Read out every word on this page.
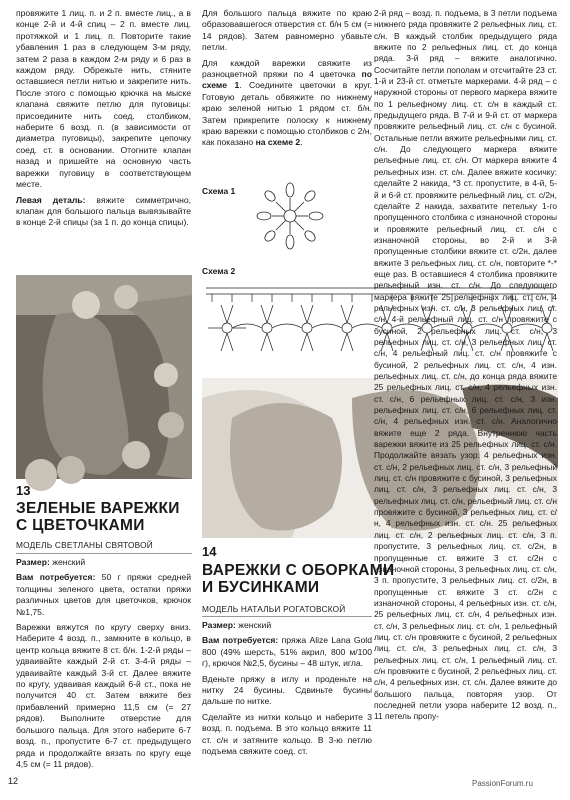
провяжите 1 лиц. п. и 2 п. вместе лиц., а в конце 2-й и 4-й спиц – 2 п. вместе лиц. протяжкой и 1 лиц. п. Повторите такие убавления 1 раз в следующем 3-м ряду, затем 2 раза в каждом 2-м ряду и 6 раз в каждом ряду. Обрежьте нить, стяните оставшиеся петли нитью и закрепите нить. После этого с помощью крючка на мыске клапана свяжите петлю для пуговицы: присоедините нить соед. столбиком, наберите 6 возд. п. (в зависимости от диаметра пуговицы), закрепите цепочку соед. ст. в основании. Отогните клапан назад и пришейте на основную часть варежки пуговицу в соответствующем месте.

Левая деталь: вяжите симметрично, клапан для большого пальца вывязывайте в конце 2-й спицы (за 1 п. до конца спицы).

13
ЗЕЛЕНЫЕ ВАРЕЖКИ
С ЦВЕТОЧКАМИ
МОДЕЛЬ СВЕТЛАНЫ СВЯТОВОЙ

Размер: женский

Вам потребуется: 50 г пряжи средней толщины зеленого цвета, остатки пряжи различных цветов для цветочков, крючок №1,75.

Варежки вяжутся по кругу сверху вниз. Наберите 4 возд. п., замкните в кольцо, в центр кольца вяжите 8 ст. б/н. 1-2-й ряды – удваивайте каждый 2-й ст. 3-4-й ряды – удваивайте каждый 3-й ст. Далее вяжите по кругу, удваивая каждый 6-й ст., пока не получится 40 ст. Затем вяжите без прибавлений примерно 11,5 см (= 27 рядов). Выполните отверстие для большого пальца. Для этого наберите 6-7 возд. п., пропустите 6-7 ст. предыдущего ряда и продолжайте вязать по кругу еще 4,5 см (= 11 рядов).

Для большого пальца вяжите по краю образовавшегося отверстия ст. б/н 5 см (= 14 рядов). Затем равномерно убавьте петли.

Для каждой варежки свяжите из разноцветной пряжи по 4 цветочка по схеме 1. Соедините цветочки в круг. Готовую деталь обвяжите по нижнему краю зеленой нитью 1 рядом ст. б/н. Затем прикрепите полоску к нижнему краю варежки с помощью столбиков с 2/н, как показано на схеме 2.

Схема 1
Схема 2
14
ВАРЕЖКИ С ОБОРКАМИ
И БУСИНКАМИ
МОДЕЛЬ НАТАЛЬИ РОГАТОВСКОЙ

Размер: женский

Вам потребуется: пряжа Alize Lana Gold 800 (49% шерсть, 51% акрил, 800 м/100 г), крючок №2,5, бусины – 48 штук, игла.

Вденьте пряжу в иглу и проденьте на нитку 24 бусины. Сдвиньте бусины дальше по нитке.

Сделайте из нитки кольцо и наберите 3 возд. п. подъема. В это кольцо вяжите 11 ст. с/н и затяните кольцо. В 3-ю петлю подъема свяжите соед. ст.

2-й ряд – возд. п. подъема, в 3 петли подъема нижнего ряда провяжите 2 рельефных лиц. ст. с/н. В каждый столбик предыдущего ряда вяжите по 2 рельефных лиц. ст. до конца ряда. 3-й ряд – вяжите аналогично. Сосчитайте петли пополам и отсчитайте 23 ст. 1-й и 23-й ст. отметьте маркерами. 4-й ряд – с наружной стороны от первого маркера вяжите по 1 рельефному лиц. ст. с/н в каждый ст. предыдущего ряда. В 7-й и 9-й ст. от маркера провяжите рельефный лиц. ст. с/н с бусиной. Остальные петли вяжите рельефными лиц. ст. с/н. До следующего маркера вяжите рельефные лиц. ст. с/н. От маркера вяжите 4 рельефных изн. ст. с/н. Далее вяжите косичку: сделайте 2 накида, *3 ст. пропустите, в 4-й, 5-й и 6-й ст. провяжите рельефный лиц. ст. с/2н, сделайте 2 накида, захватите петельку 1-го пропущенного столбика с изнаночной стороны и провяжите рельефный лиц. ст. с/н с изнаночной стороны, во 2-й и 3-й пропущенные столбики вяжите ст. с/2н, далее вяжите 3 рельефных лиц. ст. с/н, повторите *-* еще раз. В оставшиеся 4 столбика провяжите рельефный изн. ст. с/н. До следующего маркера вяжите 25 рельефных лиц. ст. с/н, 4 рельефных изн. ст. с/н, 3 рельефных лиц. ст. с/н, 4-й рельефный лиц. ст. с/н провяжите с бусиной, 2 рельефных лиц. ст. с/н, 3 рельефных лиц. ст. с/н, 3 рельефных лиц. ст. с/н, 4 рельефный лиц. ст. с/н провяжите с бусиной, 2 рельефных лиц. ст. с/н, 4 изн. рельефных лиц. ст. с/н, до конца ряда вяжите 25 рельефных лиц. ст. с/н, 4 рельефных изн. ст. с/н, 6 рельефных лиц. ст. с/н, 3 изн. рельефных лиц. ст. с/н, 6 рельефных лиц. ст. с/н, 4 рельефных изн. ст. с/н. Аналогично вяжите еще 2 ряда. Внутреннюю часть варежки вяжите из 25 рельефных лиц. ст. с/н. Продолжайте вязать узор: 4 рельефных изн. ст. с/н, 2 рельефных лиц. ст. с/н, 3 рельефный лиц. ст. с/н провяжите с бусиной, 3 рельефных лиц. ст. с/н, 3 рельефных лиц. ст. с/н, 3 рельефных лиц. ст. с/н, рельефный лиц. ст. с/н провяжите с бусиной, 3 рельефных лиц. ст. с/н, 4 рельефных изн. ст. с/н. 25 рельефных лиц. ст. с/н, 2 рельефных лиц. ст. с/н, 3 п. пропустите, 3 рельефных лиц. ст. с/2н, в пропущенные ст. вяжите 3 ст. с/2н с изнаночной стороны, 3 рельефных лиц. ст. с/н, 3 п. пропустите, 3 рельефных лиц. ст. с/2н, в пропущенные ст. вяжите 3 ст. с/2н с изнаночной стороны, 4 рельефных изн. ст. с/н, 25 рельефных лиц. ст. с/н, 4 рельефных изн. ст. с/н, 3 рельефных лиц. ст. с/н, 1 рельефный лиц. ст. с/н провяжите с бусиной, 2 рельефных лиц. ст. с/н, 3 рельефных лиц. ст. с/н, 3 рельефных лиц. ст. с/н, 1 рельефный лиц. ст. с/н провяжите с бусиной, 2 рельефных лиц. ст. с/н, 4 рельефных изн. ст. с/н. Далее вяжите до большого пальца, повторяя узор. От последней петли узора наберите 12 возд. п., 11 петель пропу-

12	PassionForum.ru
